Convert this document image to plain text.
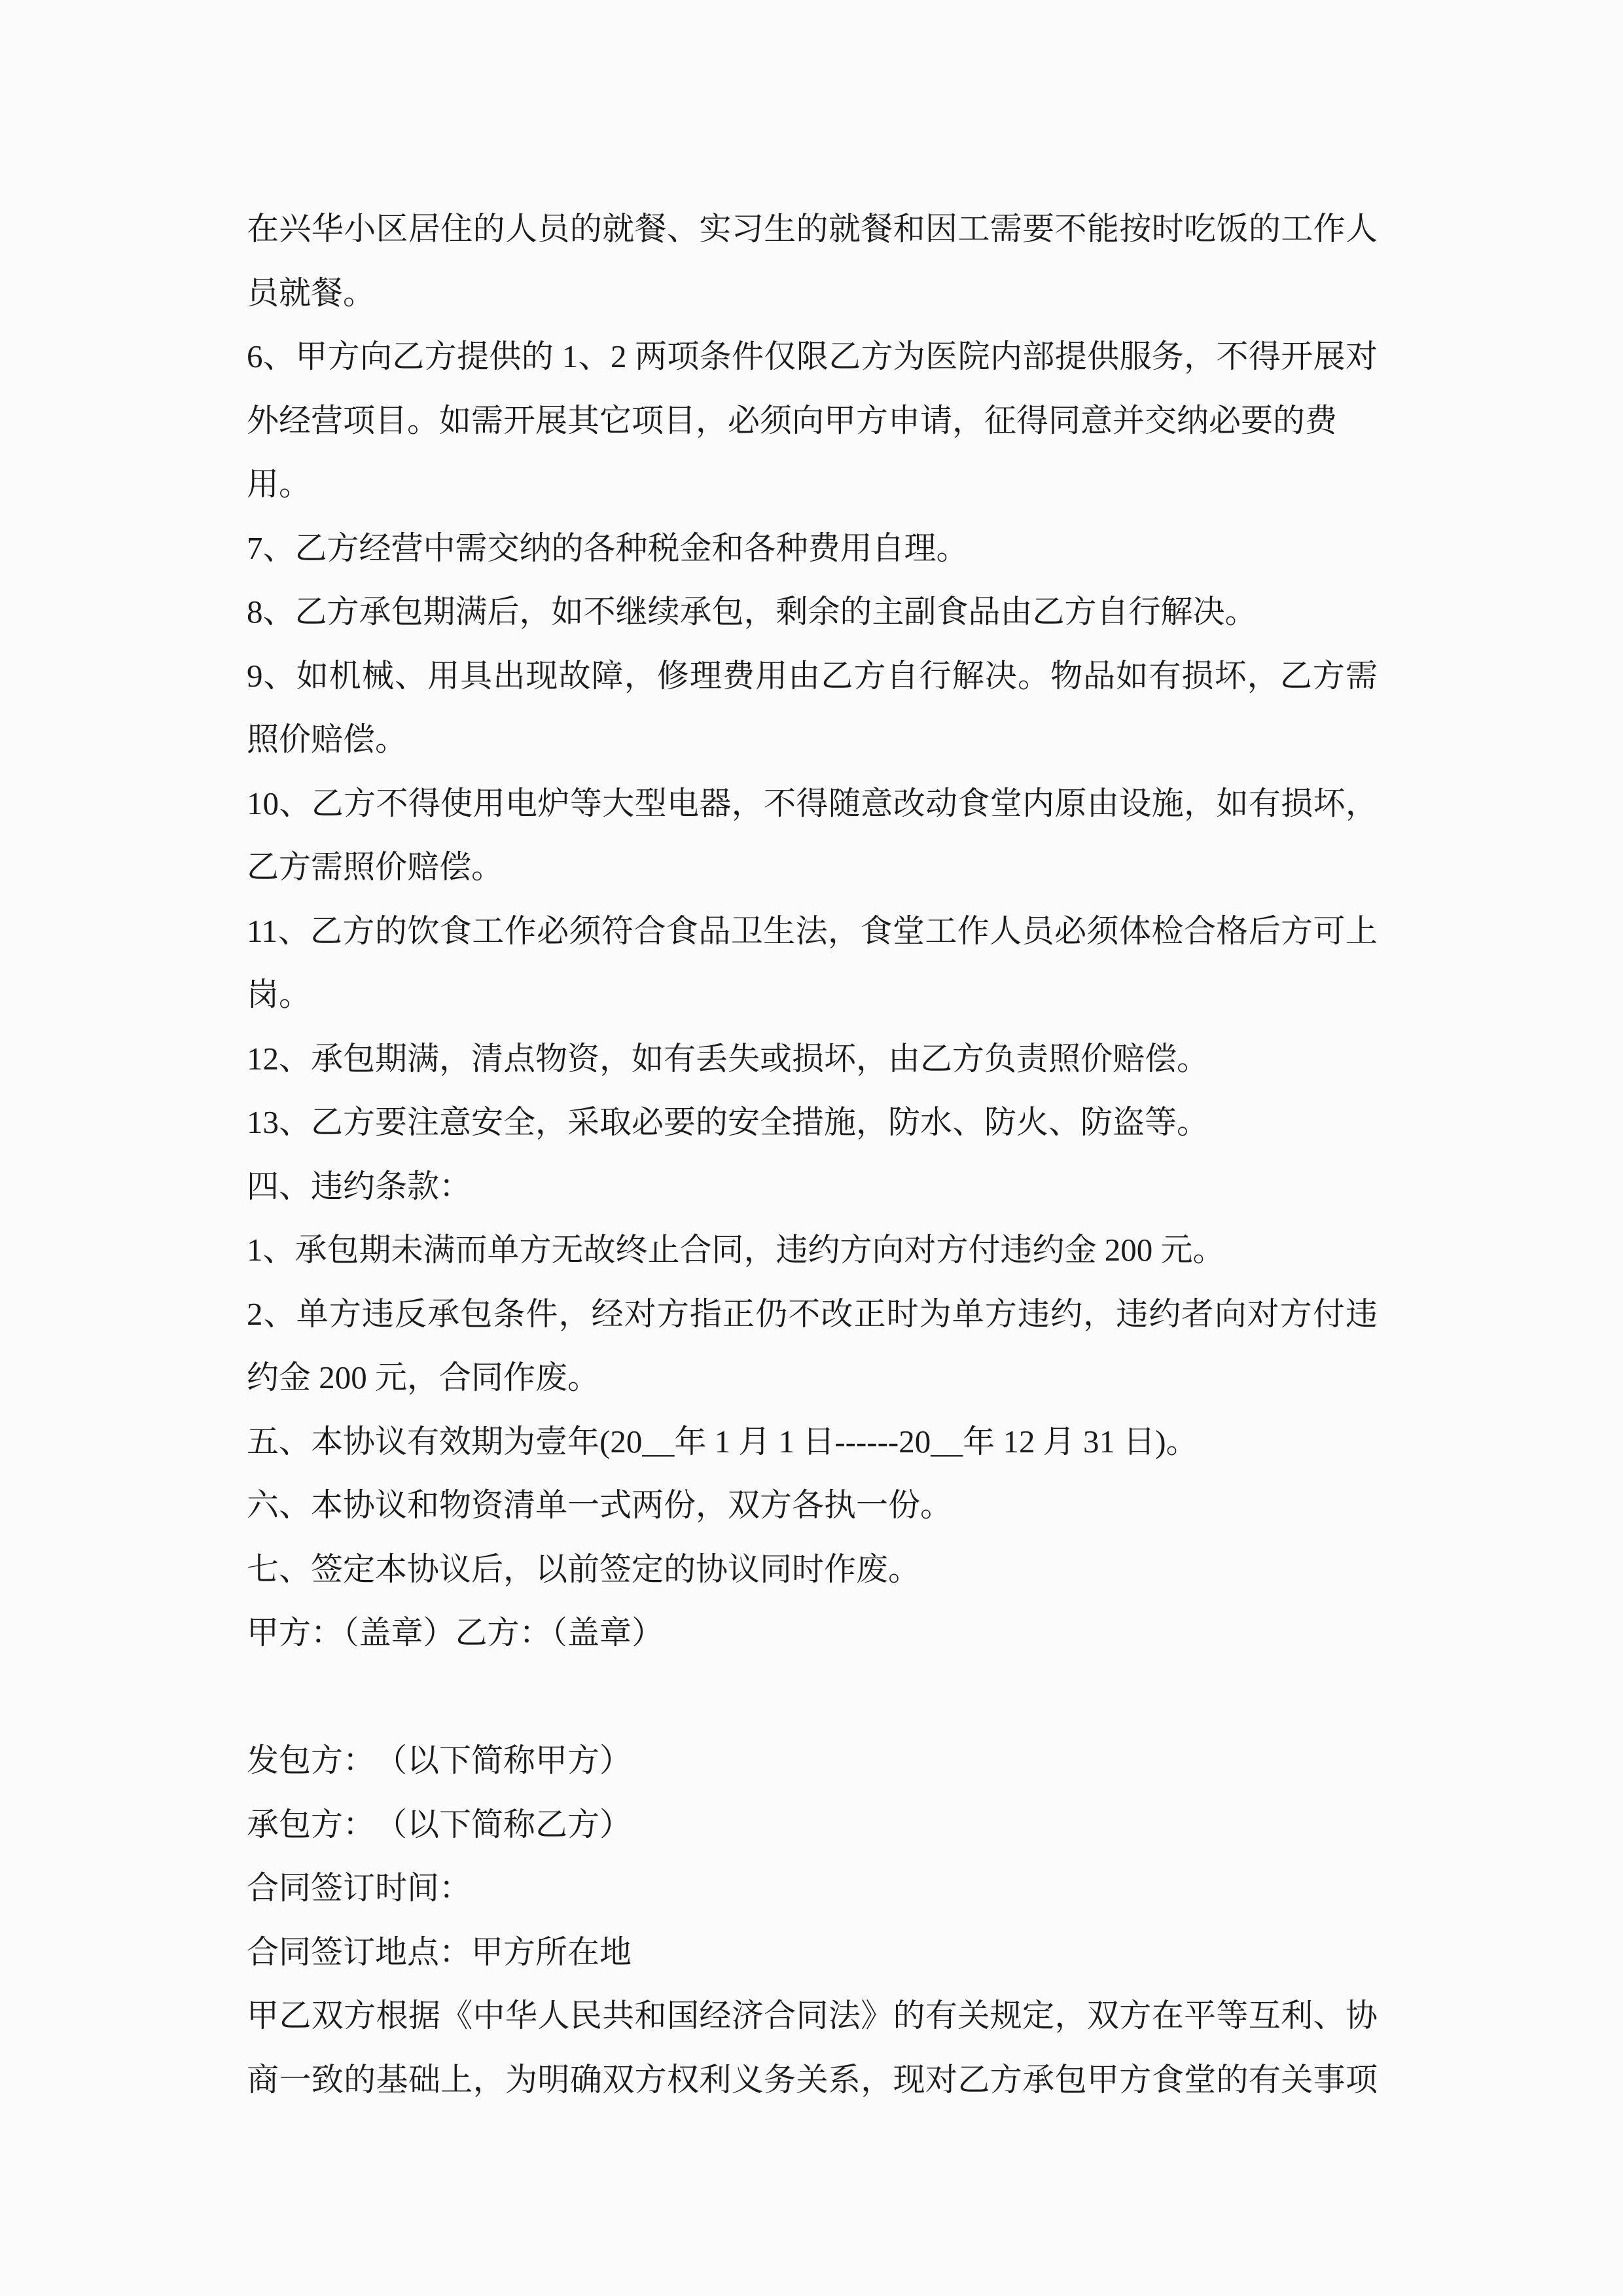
在兴华小区居住的人员的就餐、实习生的就餐和因工需要不能按时吃饭的工作人
员就餐。
6、甲方向乙方提供的 1、2 两项条件仅限乙方为医院内部提供服务，不得开展对
外经营项目。如需开展其它项目，必须向甲方申请，征得同意并交纳必要的费用。
7、乙方经营中需交纳的各种税金和各种费用自理。
8、乙方承包期满后，如不继续承包，剩余的主副食品由乙方自行解决。
9、如机械、用具出现故障，修理费用由乙方自行解决。物品如有损坏，乙方需
照价赔偿。
10、乙方不得使用电炉等大型电器，不得随意改动食堂内原由设施，如有损坏，
乙方需照价赔偿。
11、乙方的饮食工作必须符合食品卫生法，食堂工作人员必须体检合格后方可上
岗。
12、承包期满，清点物资，如有丢失或损坏，由乙方负责照价赔偿。
13、乙方要注意安全，采取必要的安全措施，防水、防火、防盗等。
四、违约条款：
1、承包期未满而单方无故终止合同，违约方向对方付违约金 200 元。
2、单方违反承包条件，经对方指正仍不改正时为单方违约，违约者向对方付违
约金 200 元，合同作废。
五、本协议有效期为壹年(20__年 1 月 1 日------20__年 12 月 31 日)。
六、本协议和物资清单一式两份，双方各执一份。
七、签定本协议后，以前签定的协议同时作废。
甲方：（盖章）乙方：（盖章）
发包方：　（以下简称甲方）
承包方：　（以下简称乙方）
合同签订时间：
合同签订地点：甲方所在地
甲乙双方根据《中华人民共和国经济合同法》的有关规定，双方在平等互利、协
商一致的基础上，为明确双方权利义务关系，现对乙方承包甲方食堂的有关事项
